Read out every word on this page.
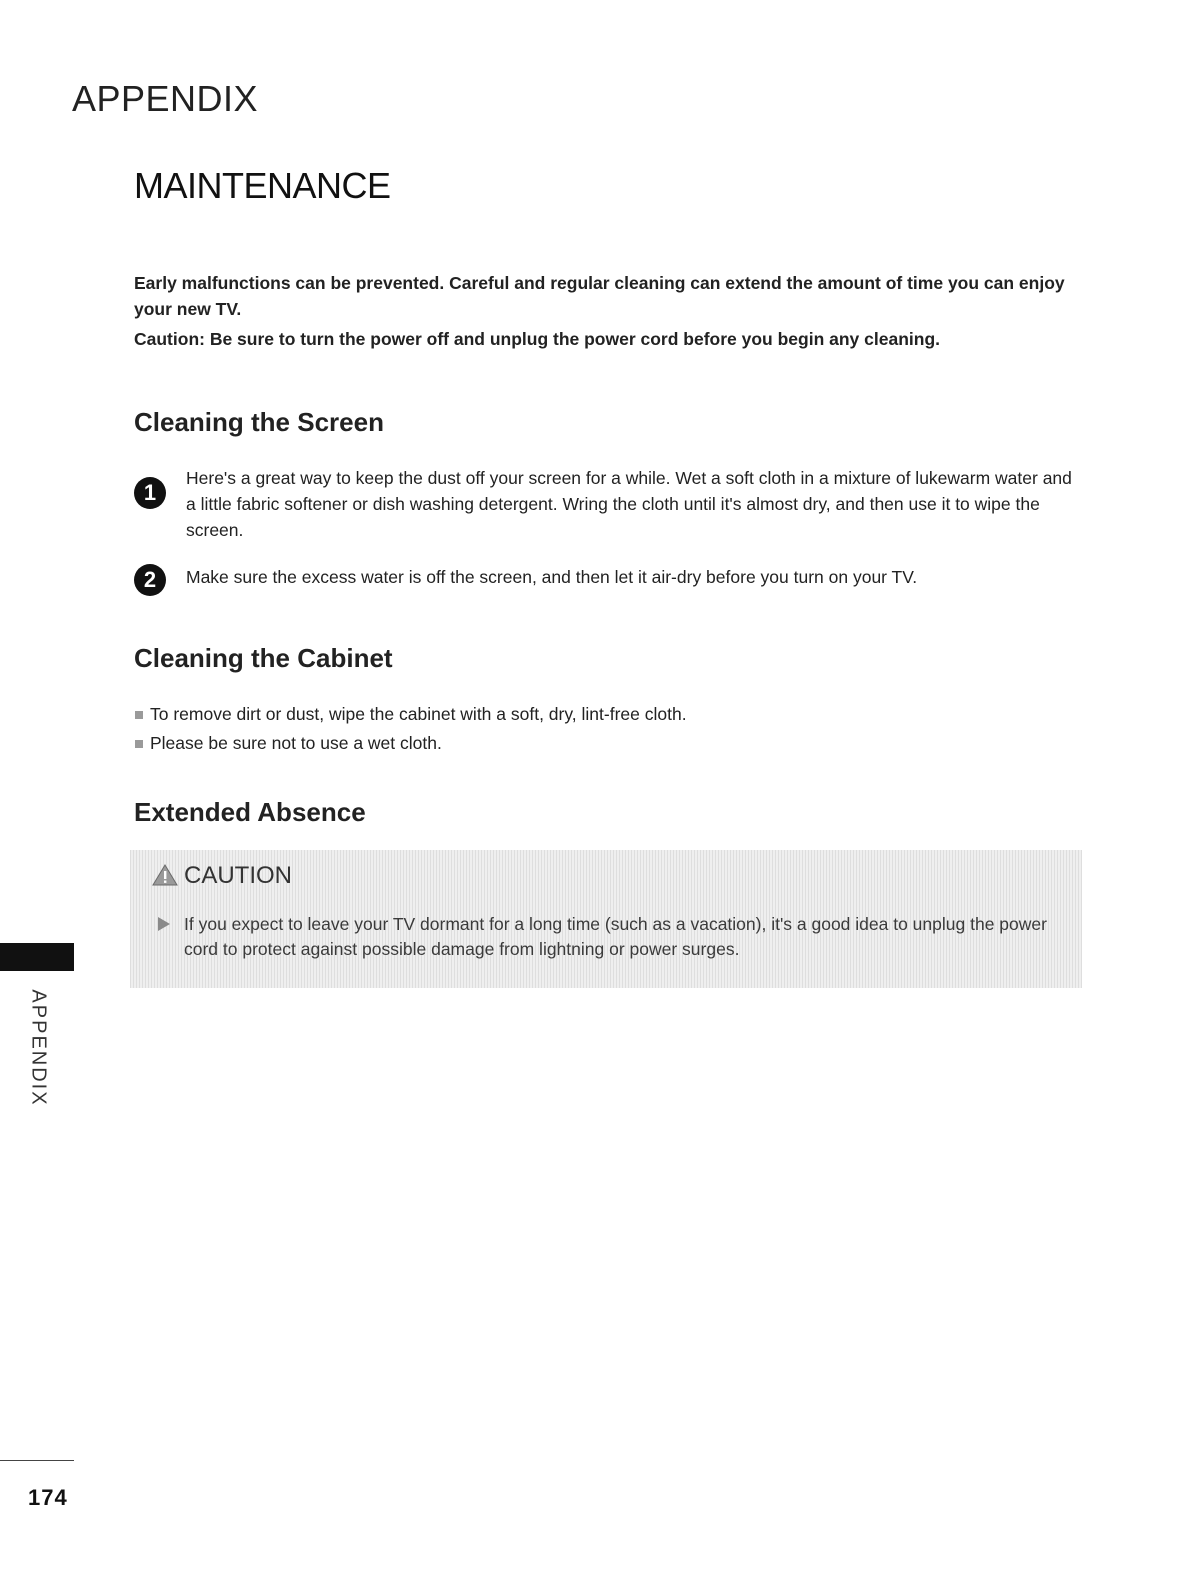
APPENDIX
MAINTENANCE

Early malfunctions can be prevented. Careful and regular cleaning can extend the amount of time you can enjoy your new TV.

Caution: Be sure to turn the power off and unplug the power cord before you begin any cleaning.

Cleaning the Screen
1
Here's a great way to keep the dust off your screen for a while. Wet a soft cloth in a mixture of lukewarm water and a little fabric softener or dish washing detergent. Wring the cloth until it's almost dry, and then use it to wipe the screen.
2	Make sure the excess water is off the screen, and then let it air-dry before you turn on your TV.
Cleaning the Cabinet
To remove dirt or dust, wipe the cabinet with a soft, dry, lint-free cloth.
Please be sure not to use a wet cloth.
Extended Absence
CAUTION
If you expect to leave your TV dormant for a long time (such as a vacation), it's a good idea to unplug the power cord to protect against possible damage from lightning or power surges.
APPENDIX
174
